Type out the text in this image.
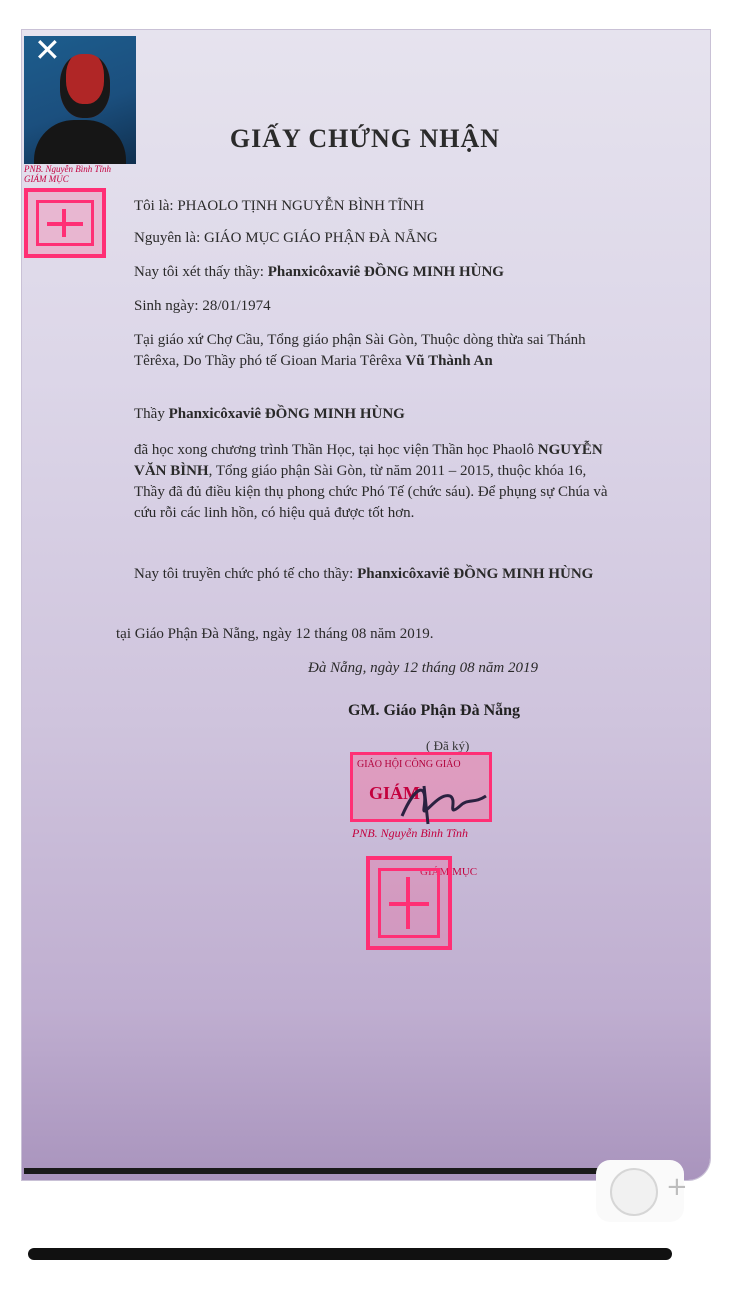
✕
PNB. Nguyễn Bình Tĩnh
GIÁM MỤC
GIẤY CHỨNG NHẬN
Tôi là: PHAOLO TỊNH NGUYỄN BÌNH TĨNH
Nguyên là: GIÁO MỤC GIÁO PHẬN ĐÀ NẴNG
Nay tôi xét thấy thầy: Phanxicôxaviê ĐỒNG MINH HÙNG
Sinh ngày: 28/01/1974
Tại giáo xứ Chợ Cầu, Tổng giáo phận Sài Gòn, Thuộc dòng thừa sai Thánh Têrêxa, Do Thầy phó tế Gioan Maria Têrêxa Vũ Thành An
Thầy Phanxicôxaviê ĐỒNG MINH HÙNG
đã học xong chương trình Thần Học, tại học viện Thần học Phaolô NGUYỄN VĂN BÌNH, Tổng giáo phận Sài Gòn, từ năm 2011 – 2015, thuộc khóa 16, Thầy đã đủ điều kiện thụ phong chức Phó Tế (chức sáu). Để phụng sự Chúa và cứu rỗi các linh hồn, có hiệu quả được tốt hơn.
Nay tôi truyền chức phó tế cho thầy: Phanxicôxaviê ĐỒNG MINH HÙNG
tại Giáo Phận Đà Nẵng, ngày 12 tháng 08 năm 2019.
Đà Nẵng, ngày 12 tháng 08 năm 2019
GM. Giáo Phận Đà Nẵng
( Đã ký)
GIÁO HỘI CÔNG GIÁO
GIÁM
PNB. Nguyễn Bình Tĩnh
GIÁM MỤC
+
